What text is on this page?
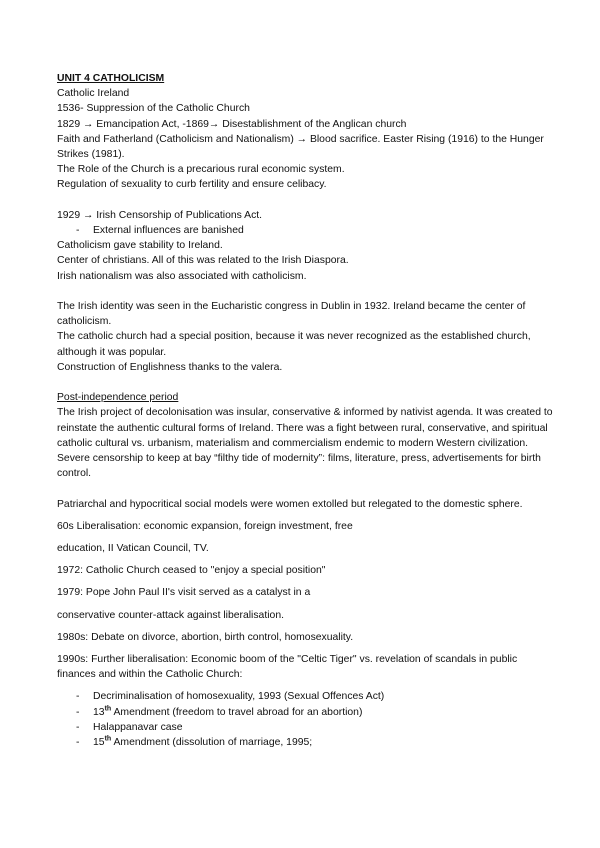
UNIT 4 CATHOLICISM
Catholic Ireland
1536- Suppression of the Catholic Church
1829 → Emancipation Act, -1869→ Disestablishment of the Anglican church
Faith and Fatherland (Catholicism and Nationalism) → Blood sacrifice. Easter Rising (1916) to the Hunger Strikes (1981).
The Role of the Church is a precarious rural economic system.
Regulation of sexuality to curb fertility and ensure celibacy.
1929 → Irish Censorship of Publications Act.
- External influences are banished
Catholicism gave stability to Ireland.
Center of christians. All of this was related to the Irish Diaspora.
Irish nationalism was also associated with catholicism.
The Irish identity was seen in the Eucharistic congress in Dublin in 1932. Ireland became the center of catholicism.
The catholic church had a special position, because it was never recognized as the established church, although it was popular.
Construction of Englishness thanks to the valera.
Post-independence period
The Irish project of decolonisation was insular, conservative & informed by nativist agenda. It was created to reinstate the authentic cultural forms of Ireland. There was a fight between rural, conservative, and spiritual catholic cultural vs. urbanism, materialism and commercialism endemic to modern Western civilization.
Severe censorship to keep at bay “filthy tide of modernity”: films, literature, press, advertisements for birth control.
Patriarchal and hypocritical social models were women extolled but relegated to the domestic sphere.
60s Liberalisation: economic expansion, foreign investment, free
education, II Vatican Council, TV.
1972: Catholic Church ceased to "enjoy a special position"
1979: Pope John Paul II's visit served as a catalyst in a
conservative counter-attack against liberalisation.
1980s: Debate on divorce, abortion, birth control, homosexuality.
1990s: Further liberalisation: Economic boom of the "Celtic Tiger" vs. revelation of scandals in public finances and within the Catholic Church:
- Decriminalisation of homosexuality, 1993 (Sexual Offences Act)
- 13th Amendment (freedom to travel abroad for an abortion)
- Halappanavar case
- 15th Amendment (dissolution of marriage, 1995;
